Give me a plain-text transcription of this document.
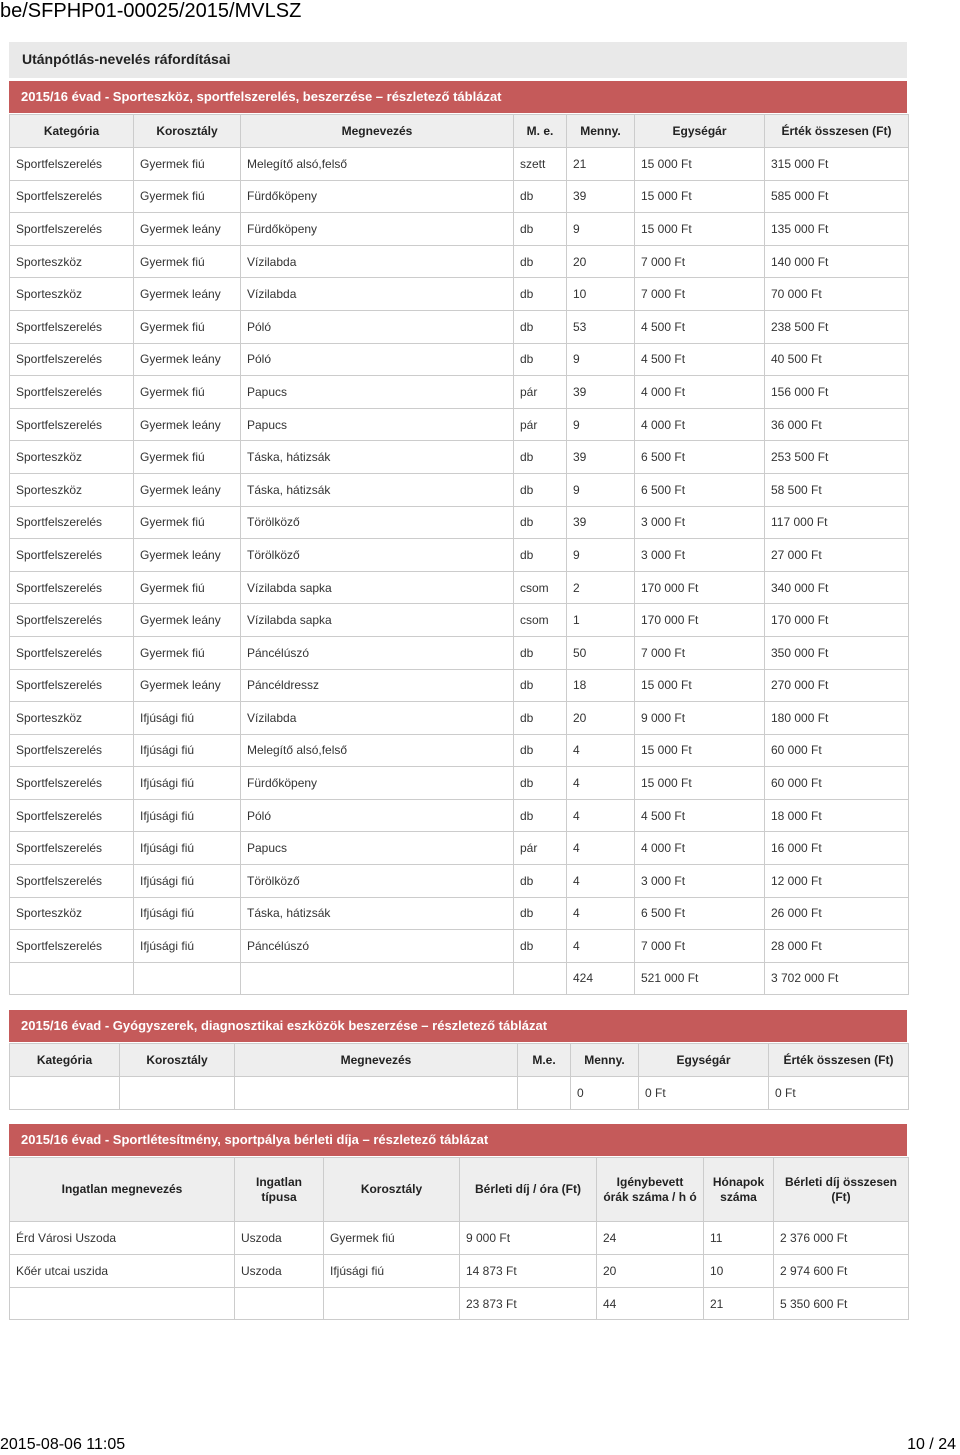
be/SFPHP01-00025/2015/MVLSZ
Utánpótlás-nevelés ráfordításai
2015/16 évad - Sporteszköz, sportfelszerelés, beszerzése – részletező táblázat
Kategória	Korosztály	Megnevezés	M. e.	Menny.	Egységár	Érték összesen (Ft)
Sportfelszerelés	Gyermek fiú	Melegítő alsó,felső	szett	21	15 000 Ft	315 000 Ft
Sportfelszerelés	Gyermek fiú	Fürdőköpeny	db	39	15 000 Ft	585 000 Ft
Sportfelszerelés	Gyermek leány	Fürdőköpeny	db	9	15 000 Ft	135 000 Ft
Sporteszköz	Gyermek fiú	Vízilabda	db	20	7 000 Ft	140 000 Ft
Sporteszköz	Gyermek leány	Vízilabda	db	10	7 000 Ft	70 000 Ft
Sportfelszerelés	Gyermek fiú	Póló	db	53	4 500 Ft	238 500 Ft
Sportfelszerelés	Gyermek leány	Póló	db	9	4 500 Ft	40 500 Ft
Sportfelszerelés	Gyermek fiú	Papucs	pár	39	4 000 Ft	156 000 Ft
Sportfelszerelés	Gyermek leány	Papucs	pár	9	4 000 Ft	36 000 Ft
Sporteszköz	Gyermek fiú	Táska, hátizsák	db	39	6 500 Ft	253 500 Ft
Sporteszköz	Gyermek leány	Táska, hátizsák	db	9	6 500 Ft	58 500 Ft
Sportfelszerelés	Gyermek fiú	Törölköző	db	39	3 000 Ft	117 000 Ft
Sportfelszerelés	Gyermek leány	Törölköző	db	9	3 000 Ft	27 000 Ft
Sportfelszerelés	Gyermek fiú	Vízilabda sapka	csom	2	170 000 Ft	340 000 Ft
Sportfelszerelés	Gyermek leány	Vízilabda sapka	csom	1	170 000 Ft	170 000 Ft
Sportfelszerelés	Gyermek fiú	Páncélúszó	db	50	7 000 Ft	350 000 Ft
Sportfelszerelés	Gyermek leány	Páncéldressz	db	18	15 000 Ft	270 000 Ft
Sporteszköz	Ifjúsági fiú	Vízilabda	db	20	9 000 Ft	180 000 Ft
Sportfelszerelés	Ifjúsági fiú	Melegítő alsó,felső	db	4	15 000 Ft	60 000 Ft
Sportfelszerelés	Ifjúsági fiú	Fürdőköpeny	db	4	15 000 Ft	60 000 Ft
Sportfelszerelés	Ifjúsági fiú	Póló	db	4	4 500 Ft	18 000 Ft
Sportfelszerelés	Ifjúsági fiú	Papucs	pár	4	4 000 Ft	16 000 Ft
Sportfelszerelés	Ifjúsági fiú	Törölköző	db	4	3 000 Ft	12 000 Ft
Sporteszköz	Ifjúsági fiú	Táska, hátizsák	db	4	6 500 Ft	26 000 Ft
Sportfelszerelés	Ifjúsági fiú	Páncélúszó	db	4	7 000 Ft	28 000 Ft
				424	521 000 Ft	3 702 000 Ft
2015/16 évad - Gyógyszerek, diagnosztikai eszközök beszerzése – részletező táblázat
Kategória	Korosztály	Megnevezés	M.e.	Menny.	Egységár	Érték összesen (Ft)
				0	0 Ft	0 Ft
2015/16 évad - Sportlétesítmény, sportpálya bérleti díja – részletező táblázat
Ingatlan megnevezés	Ingatlan típusa	Korosztály	Bérleti díj / óra (Ft)	Igénybevett órák száma / h ó	Hónapok száma	Bérleti díj összesen (Ft)
Érd Városi Uszoda	Uszoda	Gyermek fiú	9 000 Ft	24	11	2 376 000 Ft
Kőér utcai uszida	Uszoda	Ifjúsági fiú	14 873 Ft	20	10	2 974 600 Ft
			23 873 Ft	44	21	5 350 600 Ft
2015-08-06 11:05	10 / 24
